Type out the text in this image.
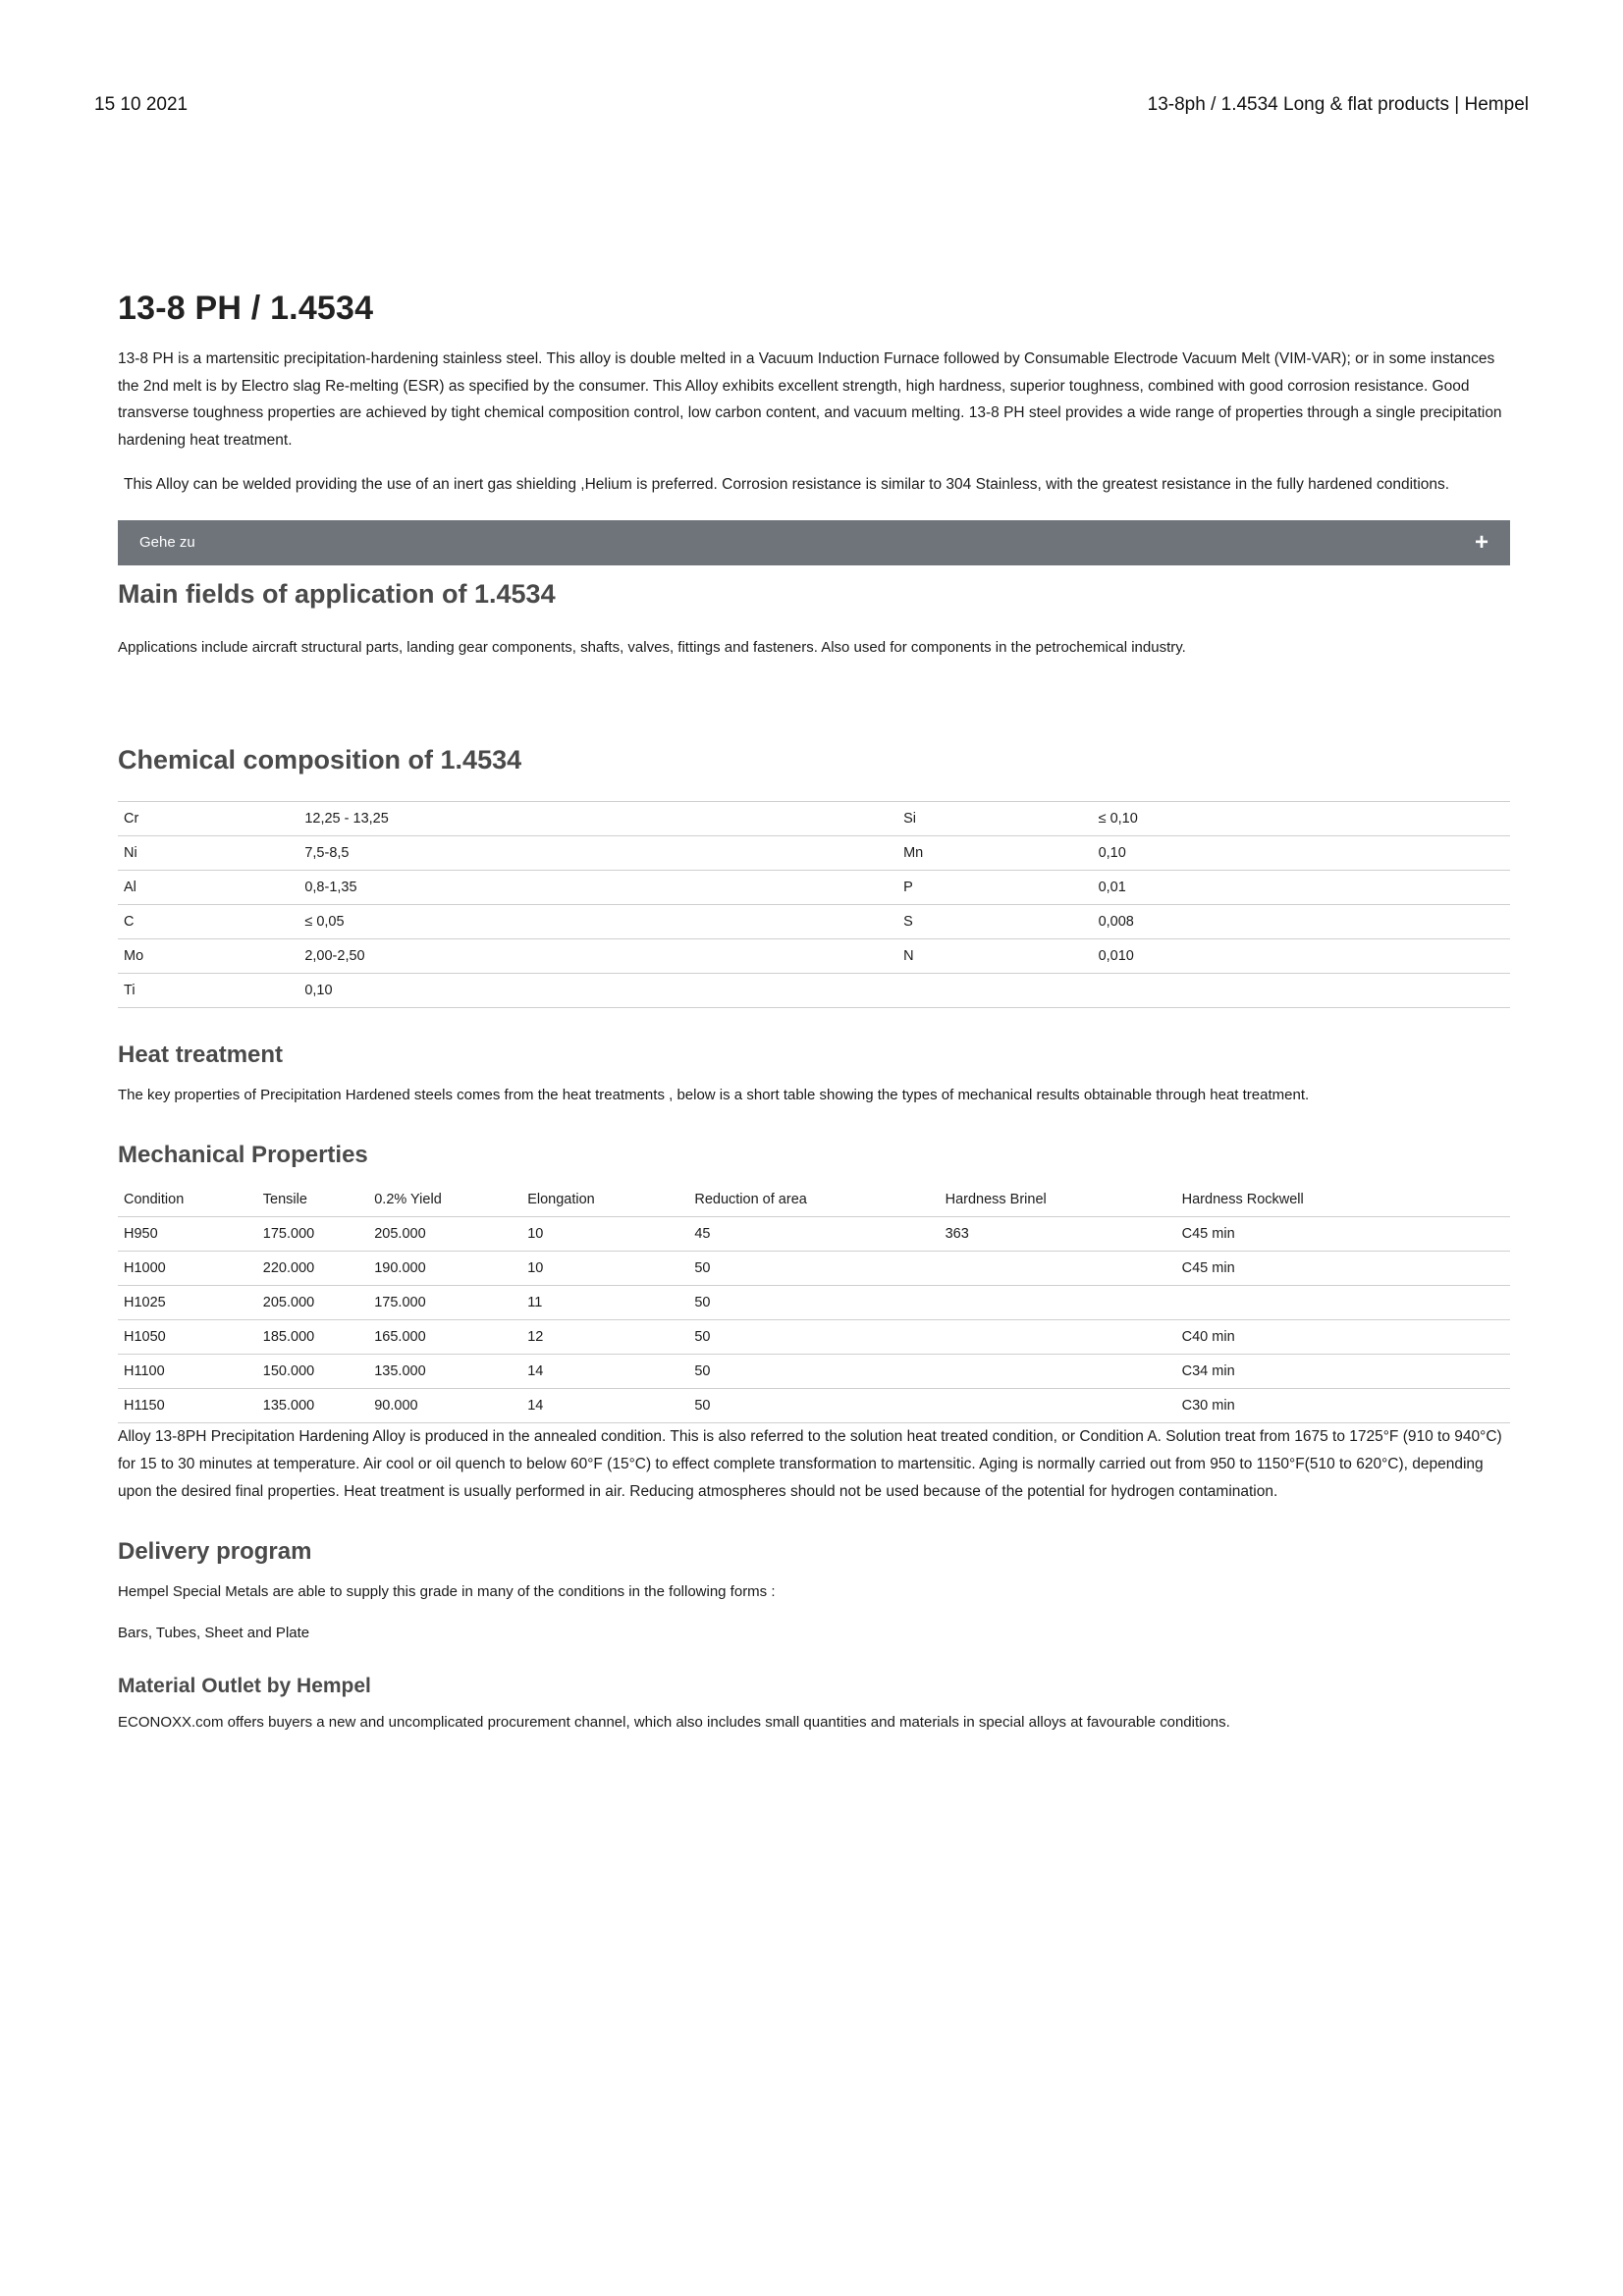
15 10 2021	13-8ph / 1.4534 Long & flat products | Hempel
13-8 PH / 1.4534

13-8 PH is a martensitic precipitation-hardening stainless steel. This alloy is double melted in a Vacuum Induction Furnace followed by Consumable Electrode Vacuum Melt (VIM-VAR); or in some instances the 2nd melt is by Electro slag Re-melting (ESR) as specified by the consumer. This Alloy exhibits excellent strength, high hardness, superior toughness, combined with good corrosion resistance. Good transverse toughness properties are achieved by tight chemical composition control, low carbon content, and vacuum melting. 13-8 PH steel provides a wide range of properties through a single precipitation hardening heat treatment.

This Alloy can be welded providing the use of an inert gas shielding ,Helium is preferred. Corrosion resistance is similar to 304 Stainless, with the greatest resistance in the fully hardened conditions.

Gehe zu	+
Main fields of application of 1.4534

Applications include aircraft structural parts, landing gear components, shafts, valves, fittings and fasteners. Also used for components in the petrochemical industry.

Chemical composition of 1.4534
Cr	12,25 - 13,25	Si	≤ 0,10
Ni	7,5-8,5	Mn	0,10
Al	0,8-1,35	P	0,01
C	≤ 0,05	S	0,008
Mo	2,00-2,50	N	0,010
Ti	0,10		
Heat treatment

The key properties of Precipitation Hardened steels comes from the heat treatments , below is a short table showing the types of mechanical results obtainable through heat treatment.

Mechanical Properties
Condition	Tensile	0.2% Yield	Elongation	Reduction of area	Hardness Brinel	Hardness Rockwell
H950	175.000	205.000	10	45	363	C45 min
H1000	220.000	190.000	10	50		C45 min
H1025	205.000	175.000	11	50		
H1050	185.000	165.000	12	50		C40 min
H1100	150.000	135.000	14	50		C34 min
H1150	135.000	90.000	14	50		C30 min

Alloy 13-8PH Precipitation Hardening Alloy is produced in the annealed condition. This is also referred to the solution heat treated condition, or Condition A. Solution treat from 1675 to 1725°F (910 to 940°C) for 15 to 30 minutes at temperature. Air cool or oil quench to below 60°F (15°C) to effect complete transformation to martensitic. Aging is normally carried out from 950 to 1150°F(510 to 620°C), depending upon the desired final properties. Heat treatment is usually performed in air. Reducing atmospheres should not be used because of the potential for hydrogen contamination.

Delivery program

Hempel Special Metals are able to supply this grade in many of the conditions in the following forms :

Bars, Tubes, Sheet and Plate

Material Outlet by Hempel

ECONOXX.com offers buyers a new and uncomplicated procurement channel, which also includes small quantities and materials in special alloys at favourable conditions.
